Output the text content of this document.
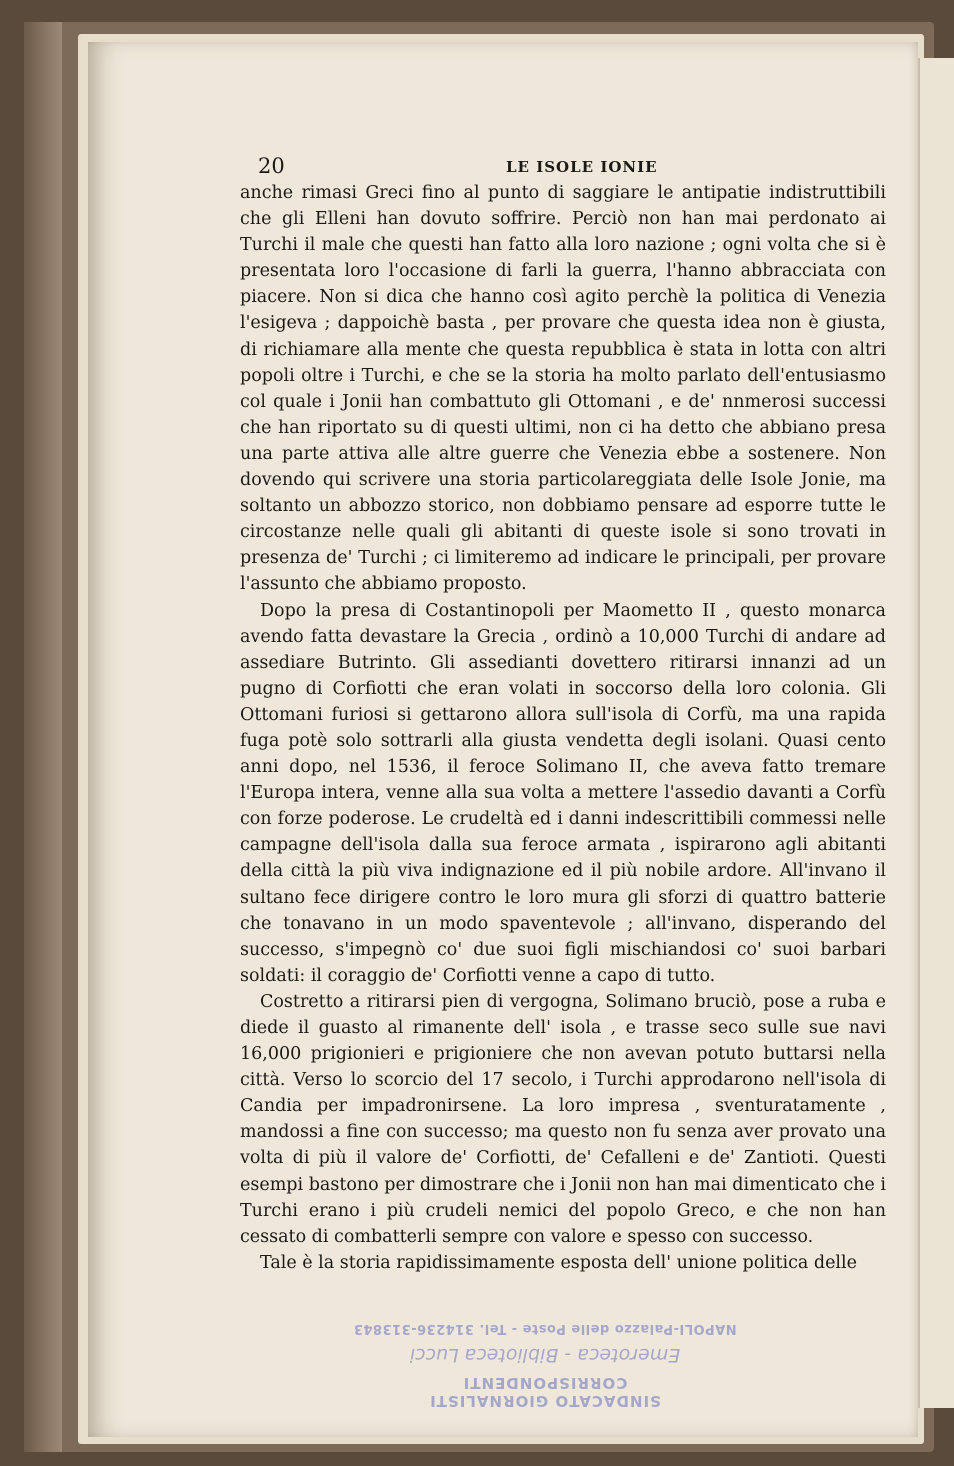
20	LE ISOLE IONIE

anche rimasi Greci fino al punto di saggiare le antipatie indistruttibili che gli Elleni han dovuto soffrire. Perciò non han mai perdonato ai Turchi il male che questi han fatto alla loro nazione ; ogni volta che si è presentata loro l'occasione di farli la guerra, l'hanno abbracciata con piacere. Non si dica che hanno così agito perchè la politica di Venezia l'esigeva ; dappoichè basta , per provare che questa idea non è giusta, di richiamare alla mente che questa repubblica è stata in lotta con altri popoli oltre i Turchi, e che se la storia ha molto parlato dell'entusiasmo col quale i Jonii han combattuto gli Ottomani , e de' nnmerosi successi che han riportato su di questi ultimi, non ci ha detto che abbiano presa una parte attiva alle altre guerre che Venezia ebbe a sostenere. Non dovendo qui scrivere una storia particolareggiata delle Isole Jonie, ma soltanto un abbozzo storico, non dobbiamo pensare ad esporre tutte le circostanze nelle quali gli abitanti di queste isole si sono trovati in presenza de' Turchi ; ci limiteremo ad indicare le principali, per provare l'assunto che abbiamo proposto.

Dopo la presa di Costantinopoli per Maometto II , questo monarca avendo fatta devastare la Grecia , ordinò a 10,000 Turchi di andare ad assediare Butrinto. Gli assedianti dovettero ritirarsi innanzi ad un pugno di Corfiotti che eran volati in soccorso della loro colonia. Gli Ottomani furiosi si gettarono allora sull'isola di Corfù, ma una rapida fuga potè solo sottrarli alla giusta vendetta degli isolani. Quasi cento anni dopo, nel 1536, il feroce Solimano II, che aveva fatto tremare l'Europa intera, venne alla sua volta a mettere l'assedio davanti a Corfù con forze poderose. Le crudeltà ed i danni indescrittibili commessi nelle campagne dell'isola dalla sua feroce armata , ispirarono agli abitanti della città la più viva indignazione ed il più nobile ardore. All'invano il sultano fece dirigere contro le loro mura gli sforzi di quattro batterie che tonavano in un modo spaventevole ; all'invano, disperando del successo, s'impegnò co' due suoi figli mischiandosi co' suoi barbari soldati: il coraggio de' Corfiotti venne a capo di tutto.

Costretto a ritirarsi pien di vergogna, Solimano bruciò, pose a ruba e diede il guasto al rimanente dell' isola , e trasse seco sulle sue navi 16,000 prigionieri e prigioniere che non avevan potuto buttarsi nella città. Verso lo scorcio del 17 secolo, i Turchi approdarono nell'isola di Candia per impadronirsene. La loro impresa , sventuratamente , mandossi a fine con successo; ma questo non fu senza aver provato una volta di più il valore de' Corfiotti, de' Cefalleni e de' Zantioti. Questi esempi bastono per dimostrare che i Jonii non han mai dimenticato che i Turchi erano i più crudeli nemici del popolo Greco, e che non han cessato di combatterli sempre con valore e spesso con successo.

Tale è la storia rapidissimamente esposta dell' unione politica delle

SINDACATO GIORNALISTI CORRISPONDENTI
Emeroteca - Biblioteca Lucci
NAPOLI-Palazzo delle Poste - Tel. 314236-313843
